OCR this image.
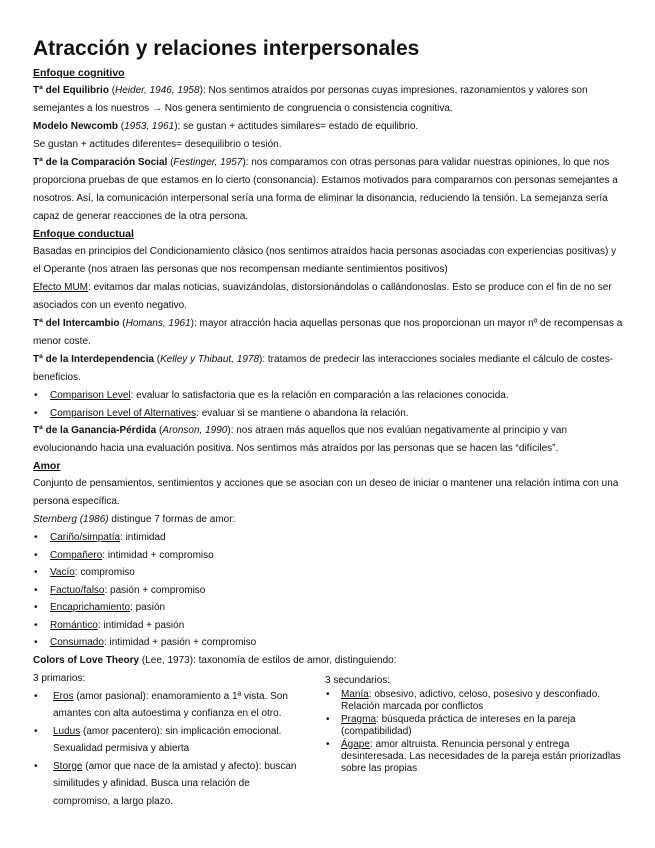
Atracción y relaciones interpersonales
Enfoque cognitivo

Tª del Equilibrio (Heider, 1946, 1958): Nos sentimos atraídos por personas cuyas impresiones, razonamientos y valores son semejantes a los nuestros → Nos genera sentimiento de congruencia o consistencia cognitiva.

Modelo Newcomb (1953, 1961): se gustan + actitudes similares= estado de equilibrio.

Se gustan + actitudes diferentes= desequilibrio o tesión.

Tª de la Comparación Social (Festinger, 1957): nos comparamos con otras personas para validar nuestras opiniones, lo que nos proporciona pruebas de que estamos en lo cierto (consonancia). Estamos motivados para compararnos con personas semejantes a nosotros. Así, la comunicación interpersonal sería una forma de eliminar la disonancia, reduciendo la tensión. La semejanza sería capaz de generar reacciones de la otra persona.

Enfoque conductual

Basadas en principios del Condicionamiento clásico (nos sentimos atraídos hacia personas asociadas con experiencias positivas) y el Operante (nos atraen las personas que nos recompensan mediante sentimientos positivos)

Efecto MUM: evitamos dar malas noticias, suavizándolas, distorsionándolas o callándonoslas. Esto se produce con el fin de no ser asociados con un evento negativo.

Tª del Intercambio (Homans, 1961): mayor atracción hacia aquellas personas que nos proporcionan un mayor nº de recompensas a menor coste.

Tª de la Interdependencia (Kelley y Thibaut, 1978): tratamos de predecir las interacciones sociales mediante el cálculo de costes-beneficios.

• Comparison Level: evaluar lo satisfactoria que es la relación en comparación a las relaciones conocida.
• Comparison Level of Alternatives: evaluar si se mantiene o abandona la relación.

Tª de la Ganancia-Pérdida (Aronson, 1990): nos atraen más aquellos que nos evalúan negativamente al principio y van evolucionando hacia una evaluación positiva. Nos sentimos más atraídos por las personas que se hacen las “difíciles”.

Amor

Conjunto de pensamientos, sentimientos y acciones que se asocian con un deseo de iniciar o mantener una relación íntima con una persona específica.

Sternberg (1986) distingue 7 formas de amor:

• Cariño/simpatía: intimidad
• Compañero: intimidad + compromiso
• Vacío: compromiso
• Factuo/falso: pasión + compromiso
• Encaprichamiento: pasión
• Romántico: intimidad + pasión
• Consumado: intimidad + pasión + compromiso

Colors of Love Theory (Lee, 1973): taxonomía de estilos de amor, distinguiendo:

3 primarios:

• Eros (amor pasional): enamoramiento a 1ª vista. Son amantes con alta autoestima y confianza en el otro.
• Ludus (amor pacentero): sin implicación emocional. Sexualidad permisiva y abierta
• Storge (amor que nace de la amistad y afecto): buscan similitudes y afinidad. Busca una relación de compromiso, a largo plazo.

3 secundarios:

• Manía: obsesivo, adictivo, celoso, posesivo y desconfiado. Relación marcada por conflictos
• Pragma: búsqueda práctica de intereses en la pareja (compatibilidad)
• Ágape: amor altruista. Renuncia personal y entrega desinteresada. Las necesidades de la pareja están priorizadlas sobre las propias
